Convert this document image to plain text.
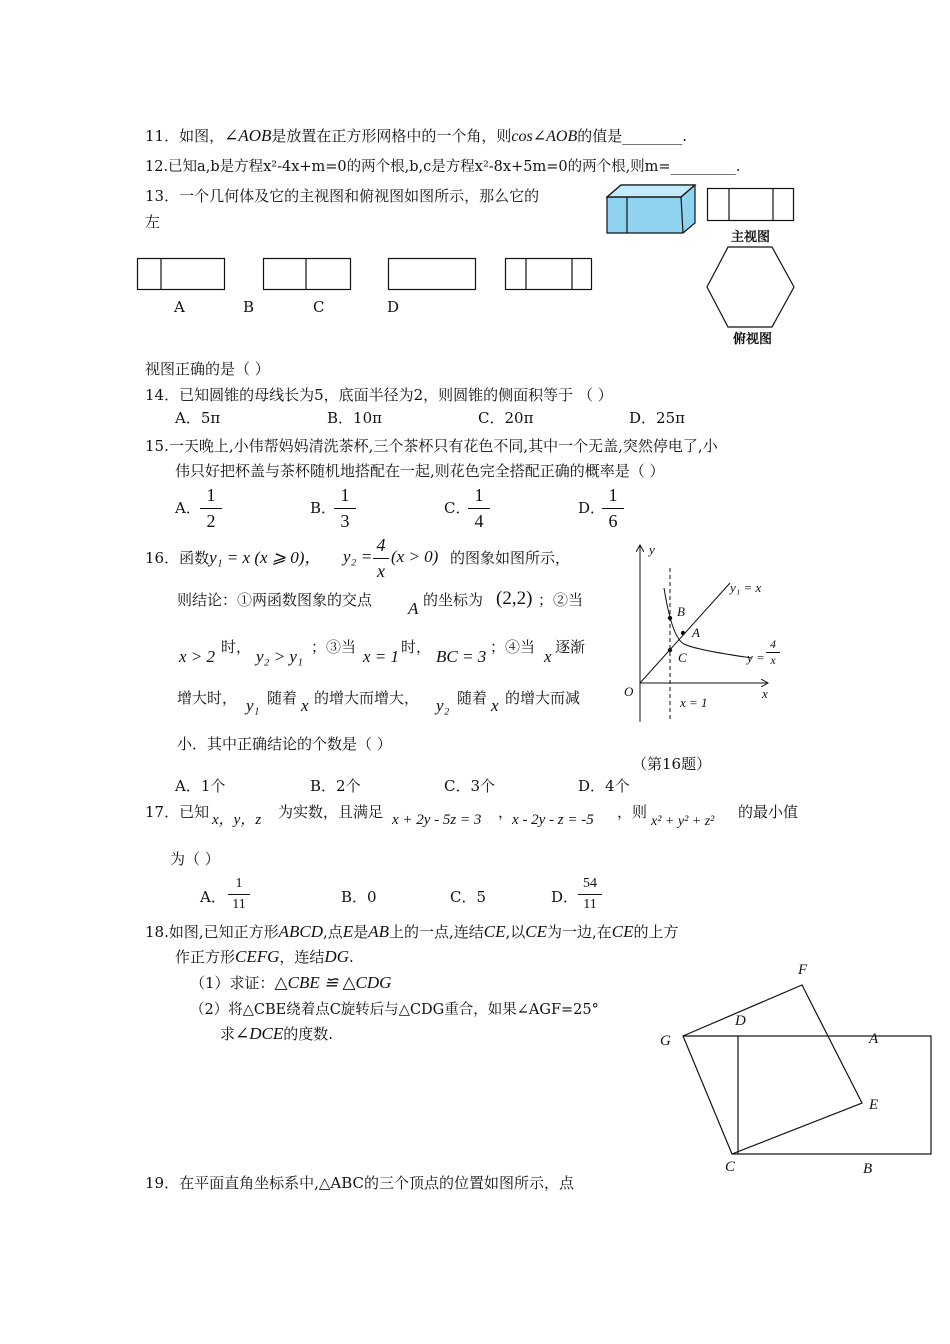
11．如图，∠AOB是放置在正方形网格中的一个角，则cos∠AOB的值是________.
12.已知a,b是方程x²-4x+m=0的两个根,b,c是方程x²-8x+5m=0的两个根,则m=_________.
13．一个几何体及它的主视图和俯视图如图所示，那么它的
左
主视图
俯视图
A	B	C	D
视图正确的是（ ）
14．已知圆锥的母线长为5，底面半径为2，则圆锥的侧面积等于 （ ）
A．5π	B．10π	C．20π	D．25π
15.一天晚上,小伟帮妈妈清洗茶杯,三个茶杯只有花色不同,其中一个无盖,突然停电了,小
伟只好把杯盖与茶杯随机地搭配在一起,则花色完全搭配正确的概率是（ ）
A．
1
2
B．
1
3
C．
1
4
D．
1
6
16．函数y₁ = x (x ⩾ 0)， y₂ =
4
x
(x > 0) 的图象如图所示，
则结论：①两函数图象的交点 A 的坐标为 (2,2) ；②当
x > 2 时， y₂ > y₁ ；③当 x = 1 时， BC = 3 ；④当 x 逐渐
增大时， y₁ 随着 x 的增大而增大， y₂ 随着 x 的增大而减
小．其中正确结论的个数是（ ）
y
x
O
y₁ = x
y =
4
x
x = 1
B
A
C
（第16题）
A．1个	B．2个	C．3个	D．4个
17．已知 x，y，z 为实数，且满足 x + 2y - 5z = 3 ，
x - 2y - z = -5 ，则
x² + y² + z²
的最小值
为（ ）
A．
1
11	B．0	C．5	D．
54
11
18.如图,已知正方形ABCD,点E是AB上的一点,连结CE,以CE为一边,在CE的上方
作正方形CEFG，连结DG.
（1）求证：△CBE ≌ △CDG
（2）将△CBE绕着点C旋转后与△CDG重合，如果∠AGF=25°
求∠DCE的度数.
F
D
A
G
E
C	B
19．在平面直角坐标系中,△ABC的三个顶点的位置如图所示，点
